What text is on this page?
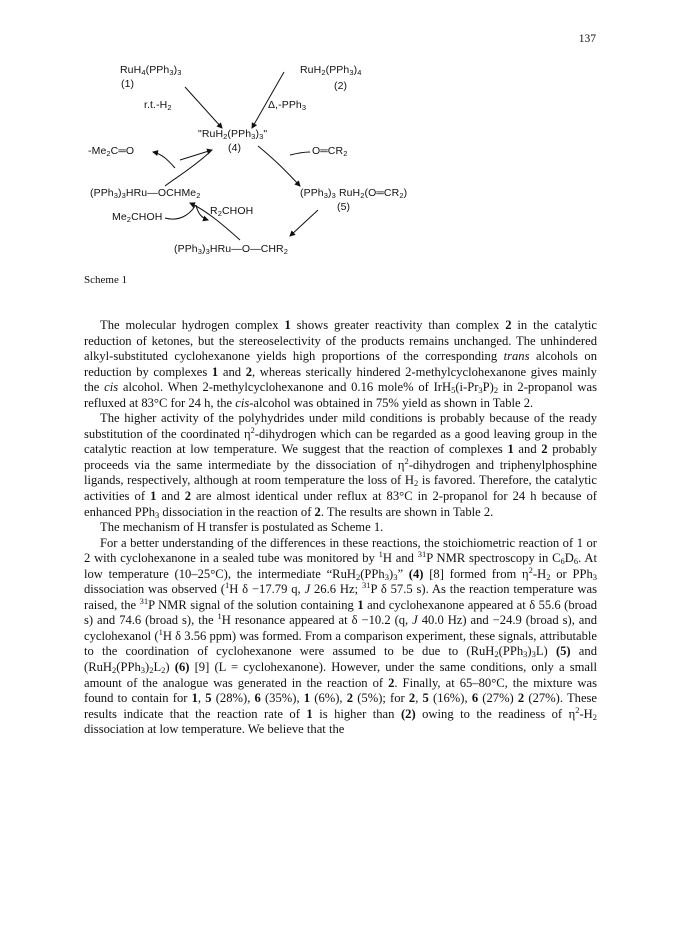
137
$RuH_4(PPh_3)_3$
(1)
$RuH_2(PPh_3)_4$
(2)
$r.t.-H_2$	Δ,-PPh$_3$
"$RuH_2(PPh_3)_3$"
(4)
$-Me_2C═O$	$O═CR_2$
$(PPh_3)_3HRu—OCHMe_2$	$(PPh_3)_3$ $RuH_2(O═CR_2)$
(5)
$Me_2CHOH$	$R_2CHOH$
$(PPh_3)_3HRu—O—CHR_2$
Scheme 1

The molecular hydrogen complex 1 shows greater reactivity than complex 2 in the catalytic reduction of ketones, but the stereoselectivity of the products remains unchanged. The unhindered alkyl-substituted cyclohexanone yields high proportions of the corresponding trans alcohols on reduction by complexes 1 and 2, whereas sterically hindered 2-methylcyclohexanone gives mainly the cis alcohol. When 2-methylcyclohexanone and 0.16 mole% of $IrH_5(i-Pr_3P)_2$ in 2-propanol was refluxed at 83°C for 24 h, the cis-alcohol was obtained in 75% yield as shown in Table 2.

The higher activity of the polyhydrides under mild conditions is probably because of the ready substitution of the coordinated $\eta^2$-dihydrogen which can be regarded as a good leaving group in the catalytic reaction at low temperature. We suggest that the reaction of complexes 1 and 2 probably proceeds via the same intermediate by the dissociation of $\eta^2$-dihydrogen and triphenylphosphine ligands, respectively, although at room temperature the loss of $H_2$ is favored. Therefore, the catalytic activities of 1 and 2 are almost identical under reflux at 83°C in 2-propanol for 24 h because of enhanced PPh$_3$ dissociation in the reaction of 2. The results are shown in Table 2.

The mechanism of H transfer is postulated as Scheme 1.

For a better understanding of the differences in these reactions, the stoichiometric reaction of 1 or 2 with cyclohexanone in a sealed tube was monitored by $^1$H and $^{31}$P NMR spectroscopy in $C_6D_6$. At low temperature (10–25°C), the intermediate “$RuH_2(PPh_3)_3$” (4) [8] formed from $\eta^2-H_2$ or PPh$_3$ dissociation was observed ($^1$H δ −17.79 q, J 26.6 Hz; $^{31}$P δ 57.5 s). As the reaction temperature was raised, the $^{31}$P NMR signal of the solution containing 1 and cyclohexanone appeared at δ 55.6 (broad s) and 74.6 (broad s), the $^1$H resonance appeared at δ −10.2 (q, J 40.0 Hz) and −24.9 (broad s), and cyclohexanol ($^1$H δ 3.56 ppm) was formed. From a comparison experiment, these signals, attributable to the coordination of cyclohexanone were assumed to be due to $(RuH_2(PPh_3)_3L)$ (5) and $(RuH_2(PPh_3)_2L_2)$ (6) [9] (L = cyclohexanone). However, under the same conditions, only a small amount of the analogue was generated in the reaction of 2. Finally, at 65–80°C, the mixture was found to contain for 1, 5 (28%), 6 (35%), 1 (6%), 2 (5%); for 2, 5 (16%), 6 (27%) 2 (27%). These results indicate that the reaction rate of 1 is higher than (2) owing to the readiness of $\eta^2-H_2$ dissociation at low temperature. We believe that the
